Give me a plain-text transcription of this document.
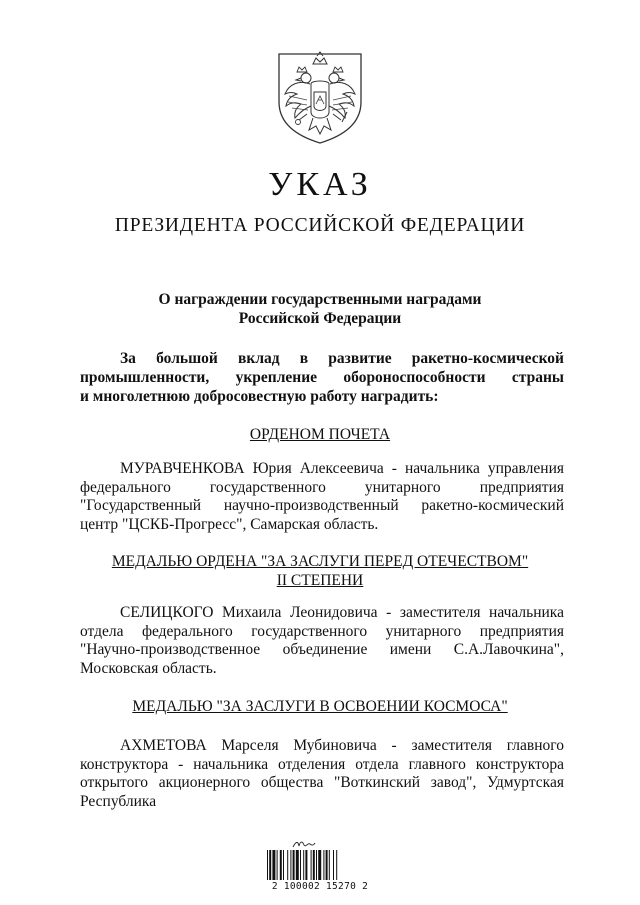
УКАЗ
ПРЕЗИДЕНТА РОССИЙСКОЙ ФЕДЕРАЦИИ
О награждении государственными наградами
Российской Федерации
За большой вклад в развитие ракетно-космической
промышленности, укрепление обороноспособности страны
и многолетнюю добросовестную работу наградить:
ОРДЕНОМ ПОЧЕТА
МУРАВЧЕНКОВА Юрия Алексеевича - начальника управления
федерального государственного унитарного предприятия
"Государственный научно-производственный ракетно-космический
центр "ЦСКБ-Прогресс", Самарская область.
МЕДАЛЬЮ ОРДЕНА "ЗА ЗАСЛУГИ ПЕРЕД ОТЕЧЕСТВОМ"
II СТЕПЕНИ
СЕЛИЦКОГО Михаила Леонидовича - заместителя начальника
отдела федерального государственного унитарного предприятия
"Научно-производственное объединение имени С.А.Лавочкина",
Московская область.
МЕДАЛЬЮ "ЗА ЗАСЛУГИ В ОСВОЕНИИ КОСМОСА"
АХМЕТОВА Марселя Мубиновича - заместителя главного
конструктора - начальника отделения отдела главного конструктора
открытого акционерного общества "Воткинский завод", Удмуртская
Республика
2 100002 15270 2
